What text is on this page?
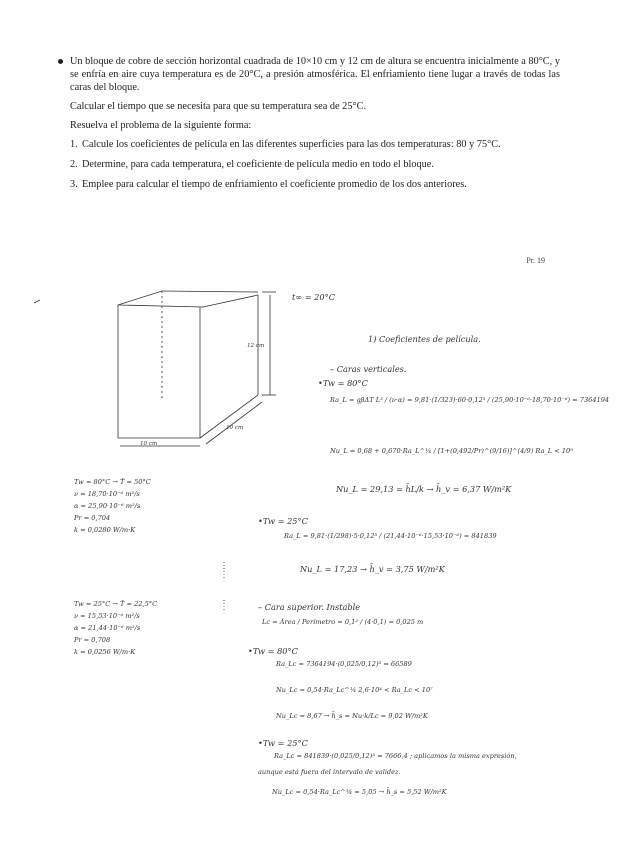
Un bloque de cobre de sección horizontal cuadrada de 10×10 cm y 12 cm de altura se encuentra inicialmente a 80°C, y se enfría en aire cuya temperatura es de 20°C, a presión atmosférica. El enfriamiento tiene lugar a través de todas las caras del bloque.

Calcular el tiempo que se necesita para que su temperatura sea de 25°C.

Resuelva el problema de la siguiente forma:

1. Calcule los coeficientes de película en las diferentes superficies para las dos temperaturas: 80 y 75°C.
2. Determine, para cada temperatura, el coeficiente de película medio en todo el bloque.
3. Emplee para calcular el tiempo de enfriamiento el coeficiente promedio de los dos anteriores.
Pr. 19
t∞ = 20°C
12 cm
10 cm
10 cm
1) Coeficientes de película.
– Caras verticales.
•Tw = 80°C
Ra_L = gβΔT L³ / (ν·α) = 9,81·(1/323)·60·0,12³ / (25,90·10⁻⁶·18,70·10⁻⁶) = 7364194
Nu_L = 0,68 + 0,670·Ra_L^¼ / [1+(0,492/Pr)^(9/16)]^(4/9) Ra_L < 10⁹
Nu_L = 29,13 = h̄L/k → h̄_v = 6,37 W/m²K
•Tw = 25°C
Ra_L = 9,81·(1/298)·5·0,12³ / (21,44·10⁻⁶·15,53·10⁻⁶) = 841839
Nu_L = 17,23 → h̄_v = 3,75 W/m²K
Tw = 80°C → T̄ = 50°C
ν = 18,70·10⁻⁶ m²/s
α = 25,90·10⁻⁶ m²/s
Pr = 0,704
k = 0,0280 W/m·K
Tw = 25°C → T̄ = 22,5°C
ν = 15,53·10⁻⁶ m²/s
α = 21,44·10⁻⁶ m²/s
Pr = 0,708
k = 0,0256 W/m·K
– Cara superior. Instable
Lc = Área / Perímetro = 0,1² / (4·0,1) = 0,025 m
•Tw = 80°C
Ra_Lc = 7364194·(0,025/0,12)³ = 66589
Nu_Lc = 0,54·Ra_Lc^¼ 2,6·10⁴ < Ra_Lc < 10⁷
Nu_Lc = 8,67 → h̄_s = Nu·k/Lc = 9,02 W/m²K
•Tw = 25°C
Ra_Lc = 841839·(0,025/0,12)³ = 7666,4 ; aplicamos la misma expresión,
aunque está fuera del intervalo de validez.
Nu_Lc = 0,54·Ra_Lc^¼ = 5,05 → h̄_s = 5,52 W/m²K
